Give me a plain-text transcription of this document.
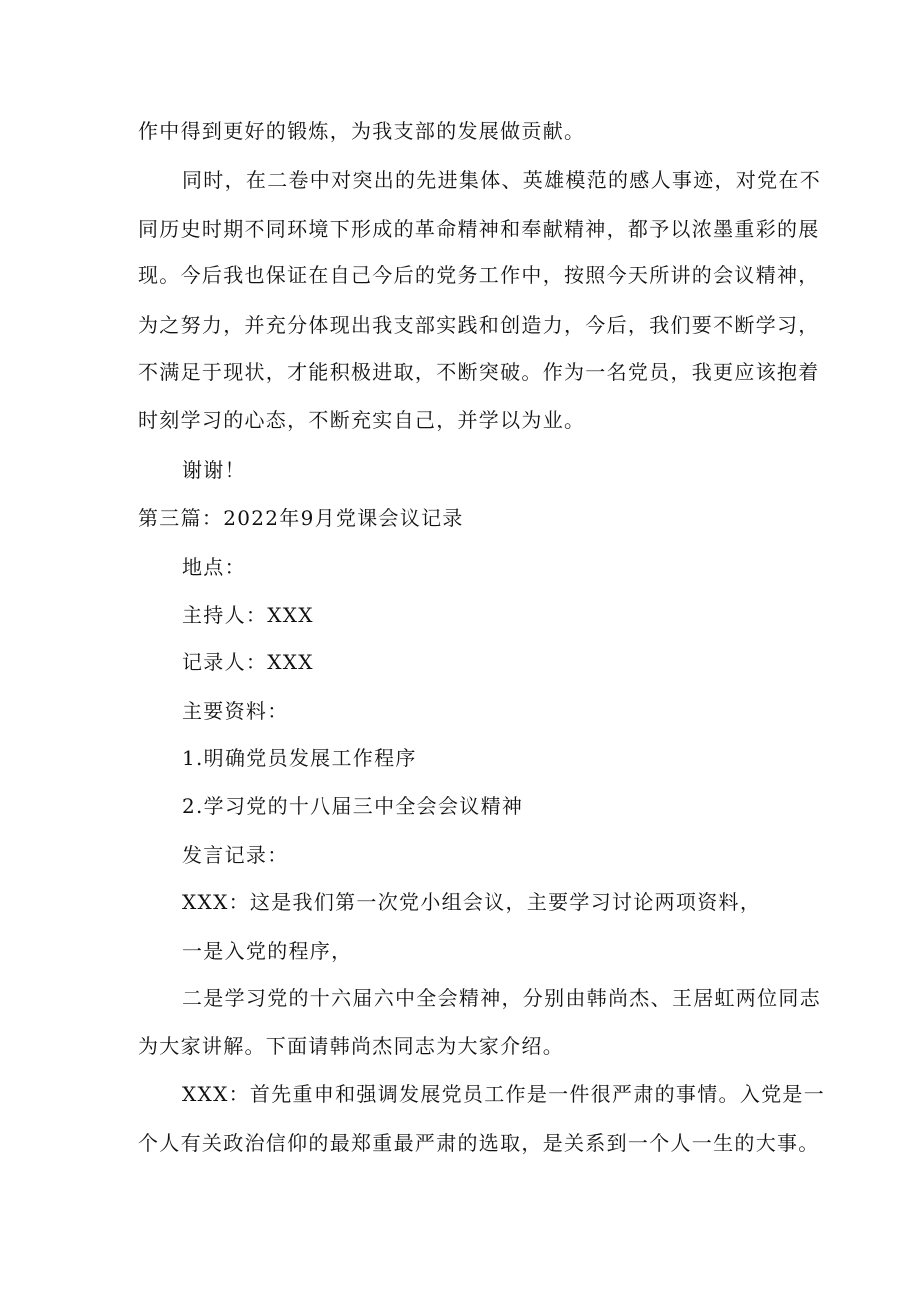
作中得到更好的锻炼，为我支部的发展做贡献。

同时，在二卷中对突出的先进集体、英雄模范的感人事迹，对党在不

同历史时期不同环境下形成的革命精神和奉献精神，都予以浓墨重彩的展

现。今后我也保证在自己今后的党务工作中，按照今天所讲的会议精神，

为之努力，并充分体现出我支部实践和创造力，今后，我们要不断学习，

不满足于现状，才能积极进取，不断突破。作为一名党员，我更应该抱着

时刻学习的心态，不断充实自己，并学以为业。

谢谢！

第三篇：2022年9月党课会议记录

地点：

主持人：XXX

记录人：XXX

主要资料：

1.明确党员发展工作程序

2.学习党的十八届三中全会会议精神

发言记录：

XXX：这是我们第一次党小组会议，主要学习讨论两项资料，

一是入党的程序，

二是学习党的十六届六中全会精神，分别由韩尚杰、王居虹两位同志

为大家讲解。下面请韩尚杰同志为大家介绍。

XXX：首先重申和强调发展党员工作是一件很严肃的事情。入党是一

个人有关政治信仰的最郑重最严肃的选取，是关系到一个人一生的大事。
